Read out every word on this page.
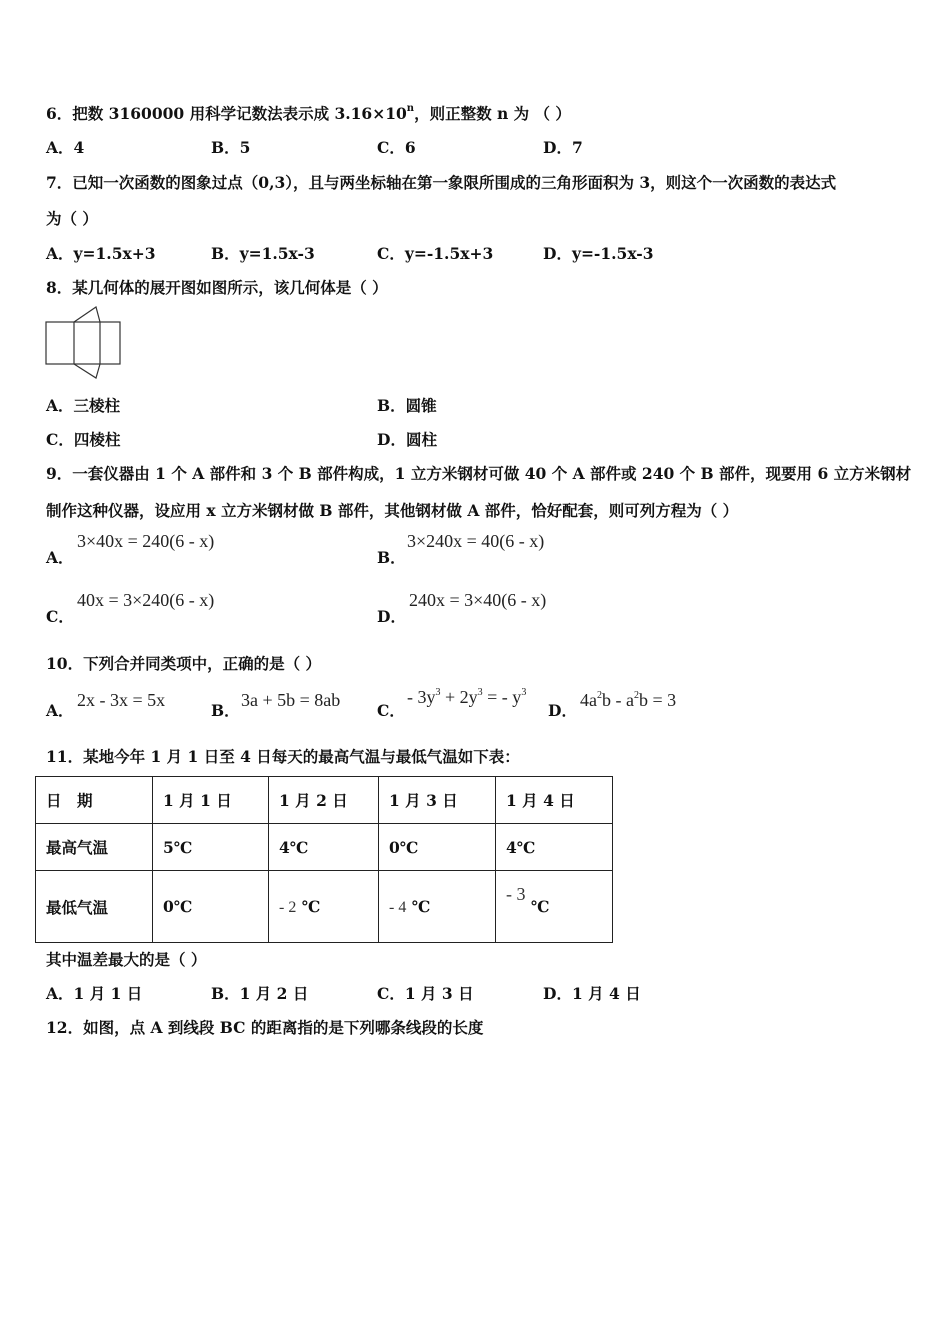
6．把数 3160000 用科学记数法表示成 $3.16\times 10^n$，则正整数 n 为 （ ）
A．4	B．5	C．6	D．7
7．已知一次函数的图象过点（0,3），且与两坐标轴在第一象限所围成的三角形面积为 3，则这个一次函数的表达式
为（ ）
A．y=1.5x+3	B．y=1.5x-3	C．y=-1.5x+3	D．y=-1.5x-3
8．某几何体的展开图如图所示，该几何体是（ ）
A．三棱柱	B．圆锥
C．四棱柱	D．圆柱
9．一套仪器由 1 个 A 部件和 3 个 B 部件构成，1 立方米钢材可做 40 个 A 部件或 240 个 B 部件，现要用 6 立方米钢材
制作这种仪器，设应用 x 立方米钢材做 B 部件，其他钢材做 A 部件，恰好配套，则可列方程为（ ）
A．
3×40x = 240(6 - x)
B．
3×240x = 40(6 - x)
C．
40x = 3×240(6 - x)
D．
240x = 3×40(6 - x)
10．下列合并同类项中，正确的是（ ）
A．
2x - 3x = 5x
B．
3a + 5b = 8ab
C．
- $3y^3 + 2y^3$ = - $y^3$
D．
$4a^2b - a^2b = 3$
11．某地今年 1 月 1 日至 4 日每天的最高气温与最低气温如下表：
日　期	1 月 1 日	1 月 2 日	1 月 3 日	1 月 4 日
最高气温	5℃	4℃	0℃	4℃
最低气温	0℃	- 2 ℃	- 4 ℃	- 3 ℃
其中温差最大的是（ ）
A．1 月 1 日	B．1 月 2 日	C．1 月 3 日	D．1 月 4 日
12．如图，点 A 到线段 BC 的距离指的是下列哪条线段的长度
